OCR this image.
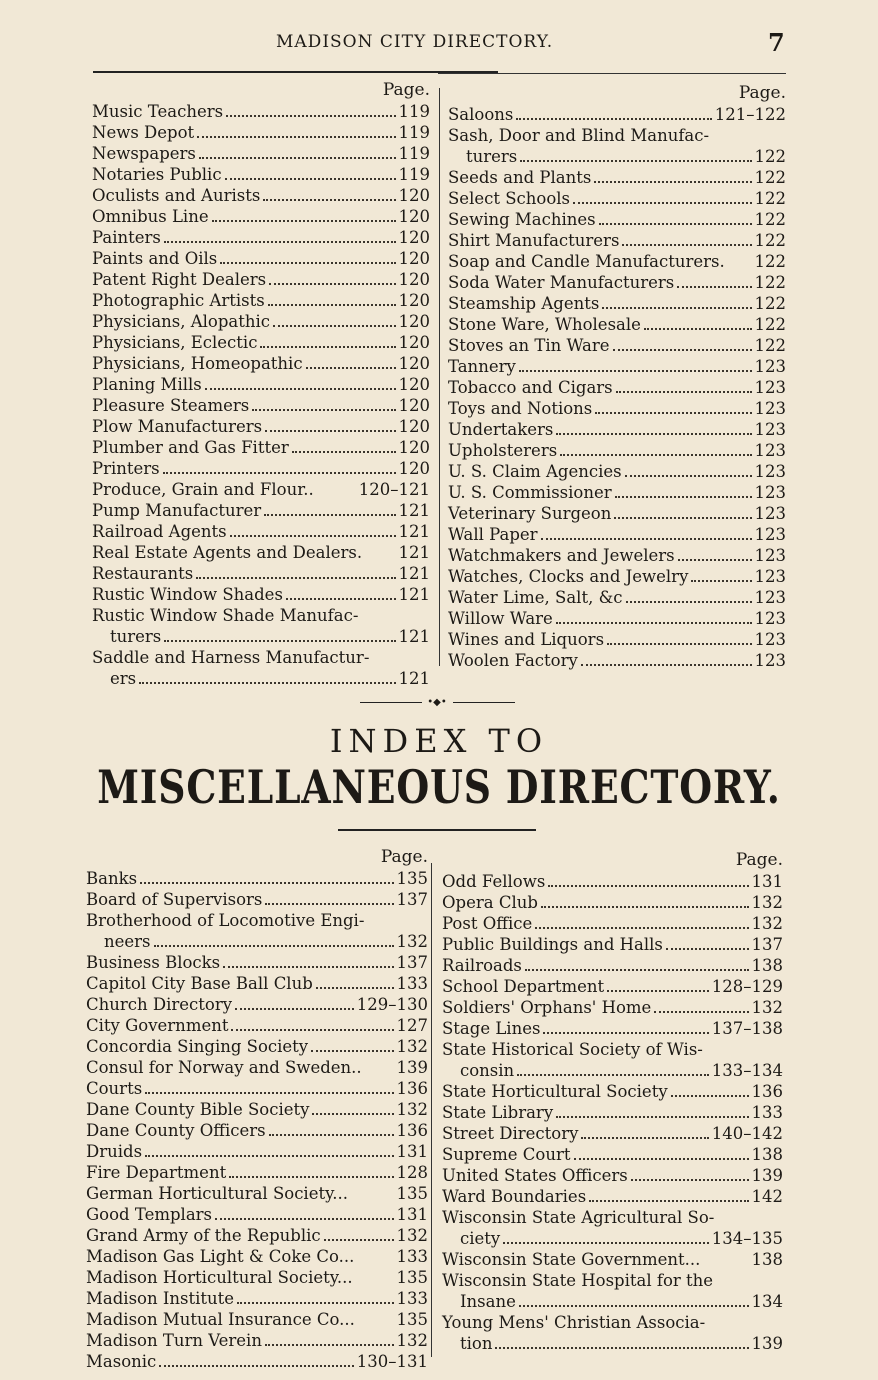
MADISON CITY DIRECTORY.	7
Page.
Music Teachers	119
News Depot	119
Newspapers	119
Notaries Public	119
Oculists and Aurists	120
Omnibus Line	120
Painters	120
Paints and Oils	120
Patent Right Dealers	120
Photographic Artists	120
Physicians, Alopathic	120
Physicians, Eclectic	120
Physicians, Homeopathic	120
Planing Mills	120
Pleasure Steamers	120
Plow Manufacturers	120
Plumber and Gas Fitter	120
Printers	120
Produce, Grain and Flour..	120–121
Pump Manufacturer	121
Railroad Agents	121
Real Estate Agents and Dealers. 121
Restaurants	121
Rustic Window Shades	121
Rustic Window Shade Manufac-
turers	121
Saddle and Harness Manufactur-
ers	121
Page.
Saloons	121–122
Sash, Door and Blind Manufac-
turers	122
Seeds and Plants	122
Select Schools	122
Sewing Machines	122
Shirt Manufacturers	122
Soap and Candle Manufacturers. 122
Soda Water Manufacturers	122
Steamship Agents	122
Stone Ware, Wholesale	122
Stoves an Tin Ware	122
Tannery	123
Tobacco and Cigars	123
Toys and Notions	123
Undertakers	123
Upholsterers	123
U. S. Claim Agencies	123
U. S. Commissioner	123
Veterinary Surgeon	123
Wall Paper	123
Watchmakers and Jewelers	123
Watches, Clocks and Jewelry	123
Water Lime, Salt, &c	123
Willow Ware	123
Wines and Liquors	123
Woolen Factory	123
•◆•
INDEX TO
MISCELLANEOUS DIRECTORY.
Page.
Banks	135
Board of Supervisors	137
Brotherhood of Locomotive Engi-
neers	132
Business Blocks	137
Capitol City Base Ball Club	133
Church Directory	129–130
City Government	127
Concordia Singing Society	132
Consul for Norway and Sweden.. 139
Courts	136
Dane County Bible Society	132
Dane County Officers	136
Druids	131
Fire Department	128
German Horticultural Society...	135
Good Templars	131
Grand Army of the Republic	132
Madison Gas Light & Coke Co...	133
Madison Horticultural Society...	135
Madison Institute	133
Madison Mutual Insurance Co...	135
Madison Turn Verein	132
Masonic	130–131
Page.
Odd Fellows	131
Opera Club	132
Post Office	132
Public Buildings and Halls	137
Railroads	138
School Department	128–129
Soldiers' Orphans' Home	132
Stage Lines	137–138
State Historical Society of Wis-
consin	133–134
State Horticultural Society	136
State Library	133
Street Directory	140–142
Supreme Court	138
United States Officers	139
Ward Boundaries	142
Wisconsin State Agricultural So-
ciety	134–135
Wisconsin State Government...	138
Wisconsin State Hospital for the
Insane	134
Young Mens' Christian Associa-
tion	139
